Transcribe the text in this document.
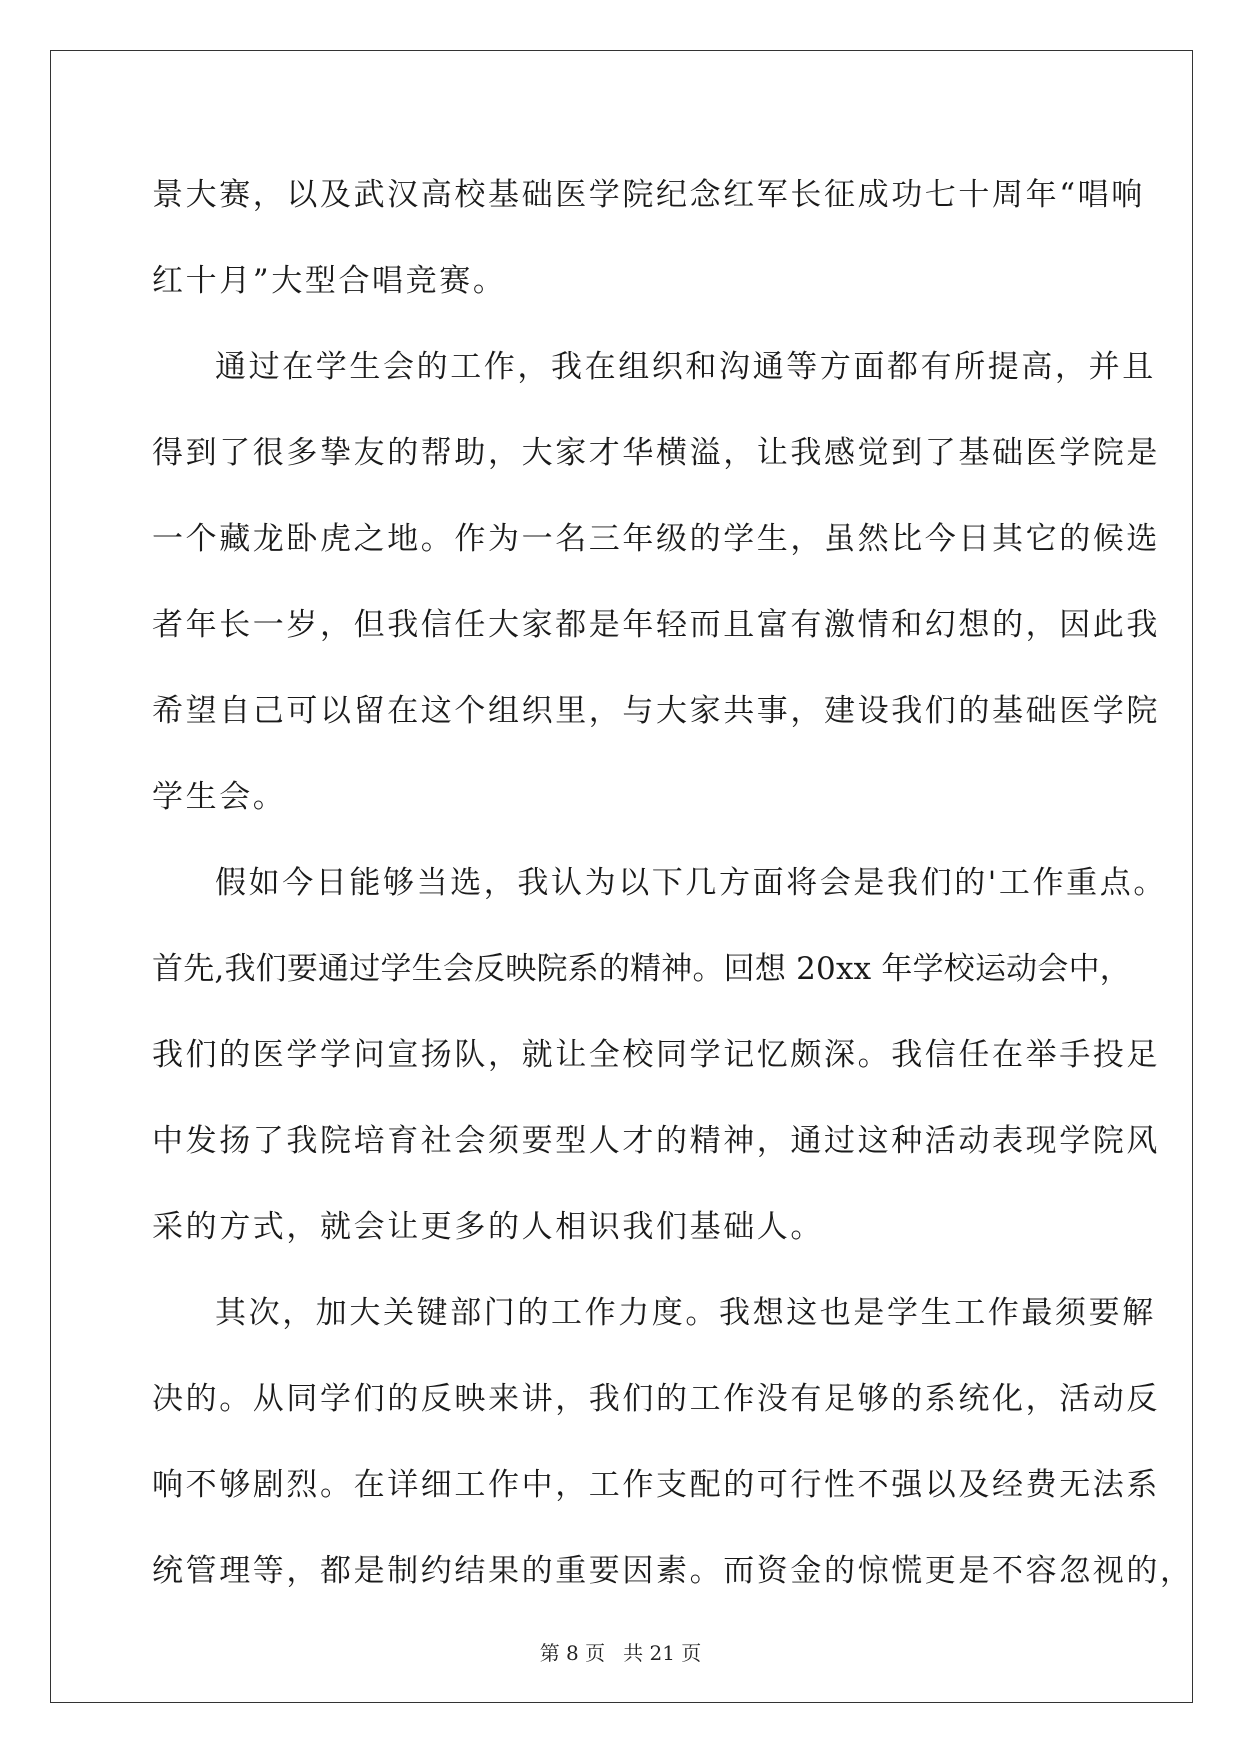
景大赛，以及武汉高校基础医学院纪念红军长征成功七十周年“唱响
红十月”大型合唱竞赛。
通过在学生会的工作，我在组织和沟通等方面都有所提高，并且
得到了很多挚友的帮助，大家才华横溢，让我感觉到了基础医学院是
一个藏龙卧虎之地。作为一名三年级的学生，虽然比今日其它的候选
者年长一岁，但我信任大家都是年轻而且富有激情和幻想的，因此我
希望自己可以留在这个组织里，与大家共事，建设我们的基础医学院
学生会。
假如今日能够当选，我认为以下几方面将会是我们的'工作重点。
首先,我们要通过学生会反映院系的精神。回想 20xx 年学校运动会中，
我们的医学学问宣扬队，就让全校同学记忆颇深。我信任在举手投足
中发扬了我院培育社会须要型人才的精神，通过这种活动表现学院风
采的方式，就会让更多的人相识我们基础人。
其次，加大关键部门的工作力度。我想这也是学生工作最须要解
决的。从同学们的反映来讲，我们的工作没有足够的系统化，活动反
响不够剧烈。在详细工作中，工作支配的可行性不强以及经费无法系
统管理等，都是制约结果的重要因素。而资金的惊慌更是不容忽视的，
第 8 页 共 21 页
